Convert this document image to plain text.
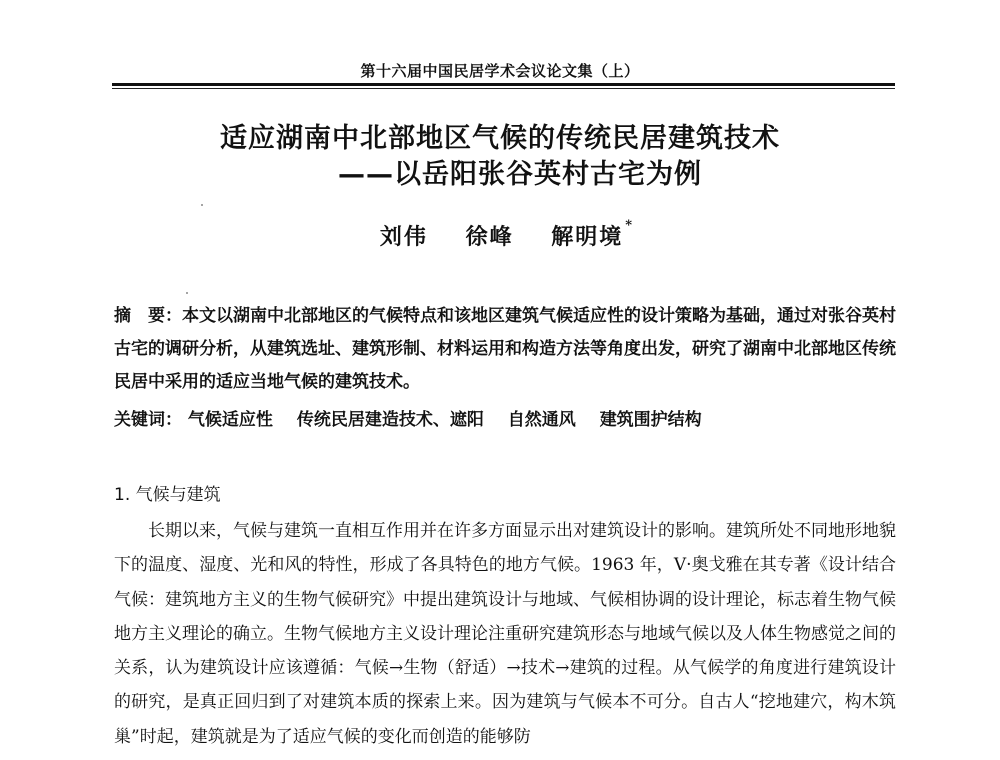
第十六届中国民居学术会议论文集（上）
适应湖南中北部地区气候的传统民居建筑技术
——以岳阳张谷英村古宅为例
刘伟 徐峰 解明境 *
摘　要：本文以湖南中北部地区的气候特点和该地区建筑气候适应性的设计策略为基础，通过对张谷英村古宅的调研分析，从建筑选址、建筑形制、材料运用和构造方法等角度出发，研究了湖南中北部地区传统民居中采用的适应当地气候的建筑技术。
关键词： 气候适应性 传统民居建造技术、遮阳 自然通风 建筑围护结构
1. 气候与建筑
长期以来，气候与建筑一直相互作用并在许多方面显示出对建筑设计的影响。建筑所处不同地形地貌下的温度、湿度、光和风的特性，形成了各具特色的地方气候。1963 年，V·奥戈雅在其专著《设计结合气候：建筑地方主义的生物气候研究》中提出建筑设计与地域、气候相协调的设计理论，标志着生物气候地方主义理论的确立。生物气候地方主义设计理论注重研究建筑形态与地域气候以及人体生物感觉之间的关系，认为建筑设计应该遵循：气候→生物（舒适）→技术→建筑的过程。从气候学的角度进行建筑设计的研究，是真正回归到了对建筑本质的探索上来。因为建筑与气候本不可分。自古人“挖地建穴，构木筑巢”时起，建筑就是为了适应气候的变化而创造的能够防
